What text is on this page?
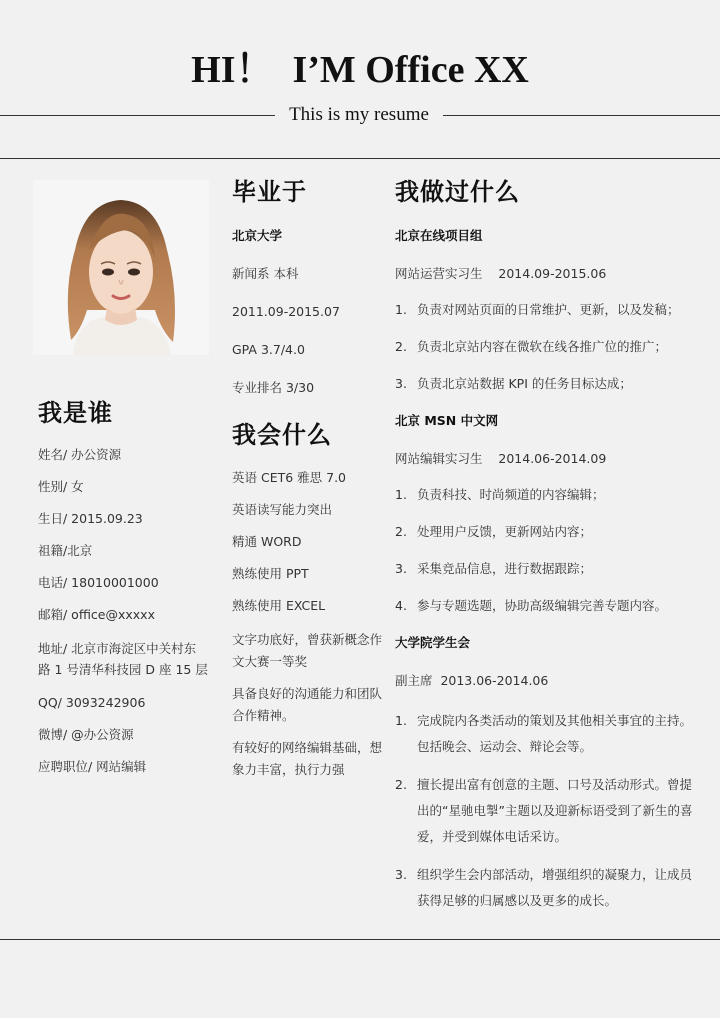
HI！  I’M Office XX
This is my resume
我是谁
姓名/ 办公资源
性别/ 女
生日/ 2015.09.23
祖籍/北京
电话/ 18010001000
邮箱/ office@xxxxx
地址/ 北京市海淀区中关村东路 1 号清华科技园 D 座 15 层
QQ/ 3093242906
微博/ @办公资源
应聘职位/ 网站编辑
毕业于
北京大学
新闻系 本科
2011.09-2015.07
GPA 3.7/4.0
专业排名 3/30
我会什么
英语 CET6 雅思 7.0
英语读写能力突出
精通 WORD
熟练使用 PPT
熟练使用 EXCEL
文字功底好，曾获新概念作文大赛一等奖
具备良好的沟通能力和团队合作精神。
有较好的网络编辑基础，想象力丰富，执行力强
我做过什么
北京在线项目组
网站运营实习生    2014.09-2015.06
1. 负责对网站页面的日常维护、更新，以及发稿；
2. 负责北京站内容在微软在线各推广位的推广；
3. 负责北京站数据 KPI 的任务目标达成；
北京 MSN 中文网
网站编辑实习生    2014.06-2014.09
1. 负责科技、时尚频道的内容编辑；
2. 处理用户反馈，更新网站内容；
3. 采集竞品信息，进行数据跟踪；
4. 参与专题选题，协助高级编辑完善专题内容。
大学院学生会
副主席  2013.06-2014.06
1. 完成院内各类活动的策划及其他相关事宜的主持。包括晚会、运动会、辩论会等。
2. 擅长提出富有创意的主题、口号及活动形式。曾提出的“星驰电掣”主题以及迎新标语受到了新生的喜爱，并受到媒体电话采访。
3. 组织学生会内部活动，增强组织的凝聚力，让成员获得足够的归属感以及更多的成长。
